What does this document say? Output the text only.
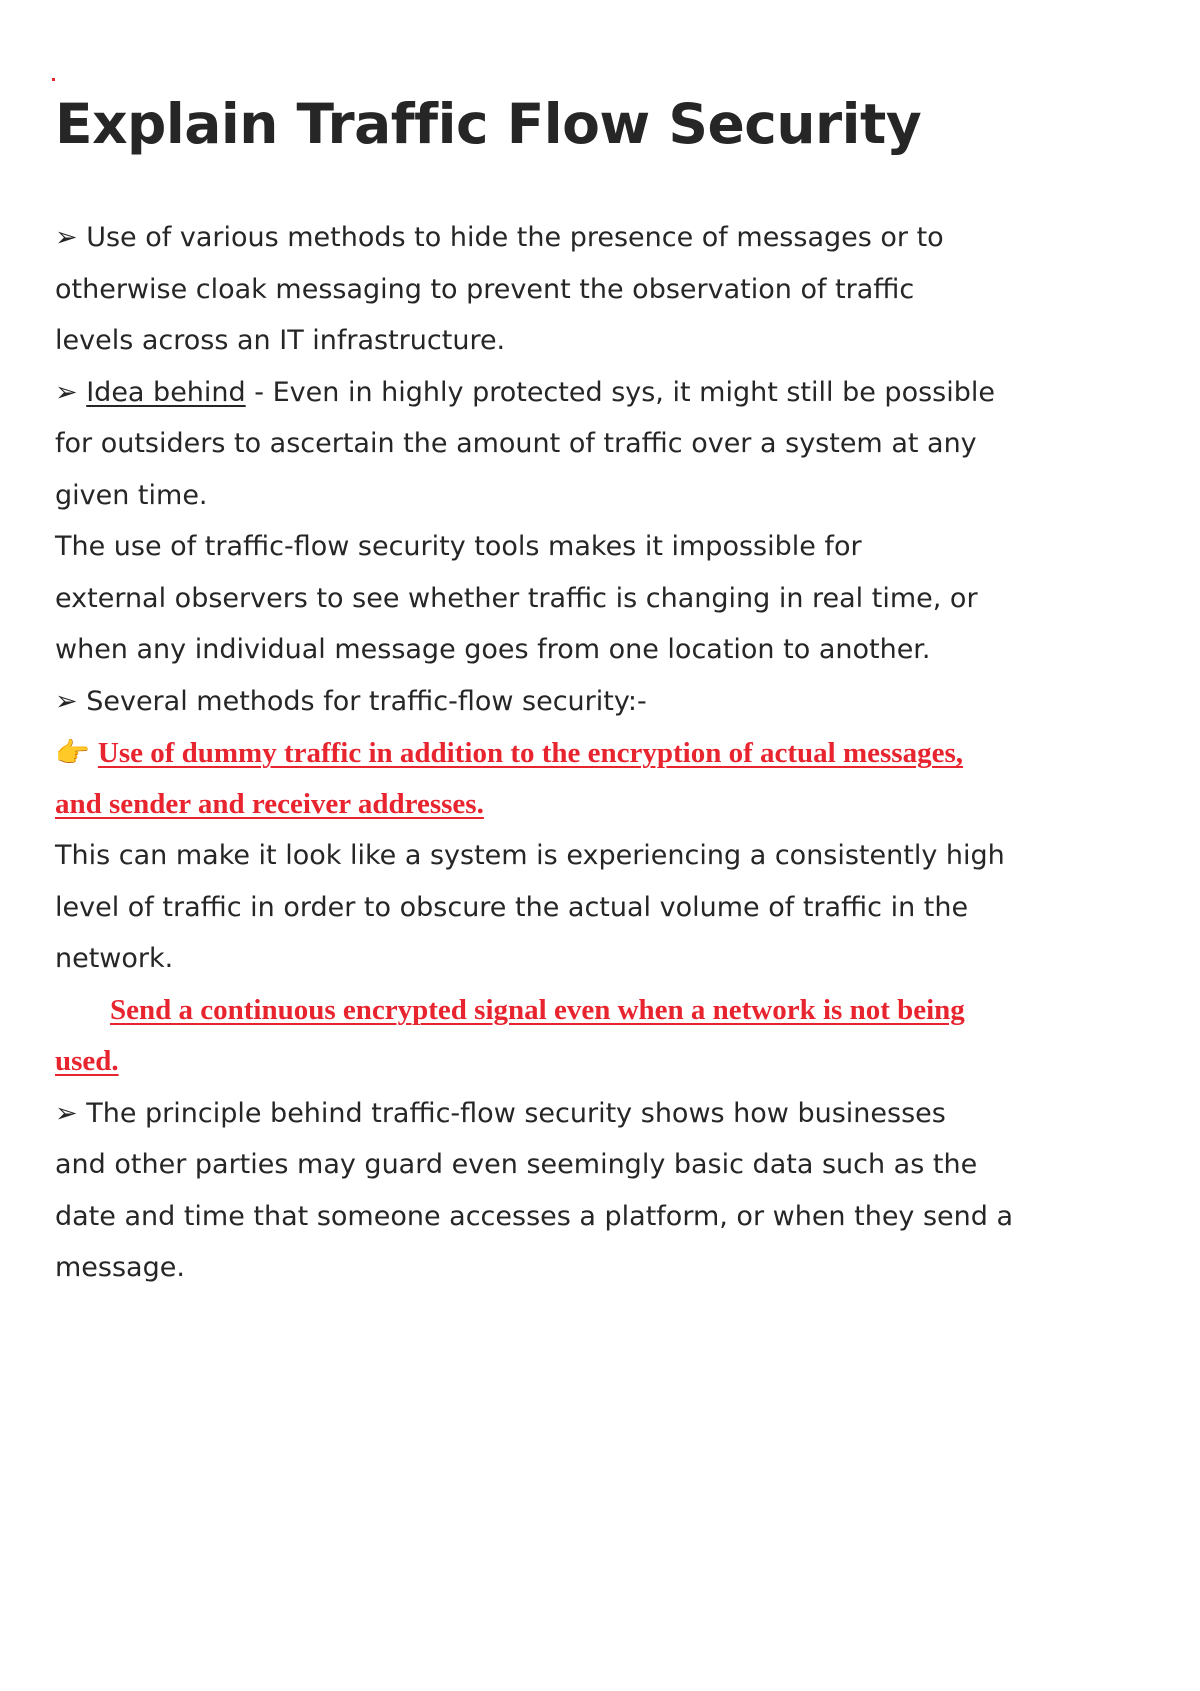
Explain Traffic Flow Security
➢ Use of various methods to hide the presence of messages or to
otherwise cloak messaging to prevent the observation of traffic
levels across an IT infrastructure.
➢ Idea behind - Even in highly protected sys, it might still be possible
for outsiders to ascertain the amount of traffic over a system at any
given time.
The use of traffic-flow security tools makes it impossible for
external observers to see whether traffic is changing in real time, or
when any individual message goes from one location to another.
➢ Several methods for traffic-flow security:-
👉 Use of dummy traffic in addition to the encryption of actual messages,
and sender and receiver addresses.
This can make it look like a system is experiencing a consistently high
level of traffic in order to obscure the actual volume of traffic in the
network.
Send a continuous encrypted signal even when a network is not being
used.
➢ The principle behind traffic-flow security shows how businesses
and other parties may guard even seemingly basic data such as the
date and time that someone accesses a platform, or when they send a
message.
